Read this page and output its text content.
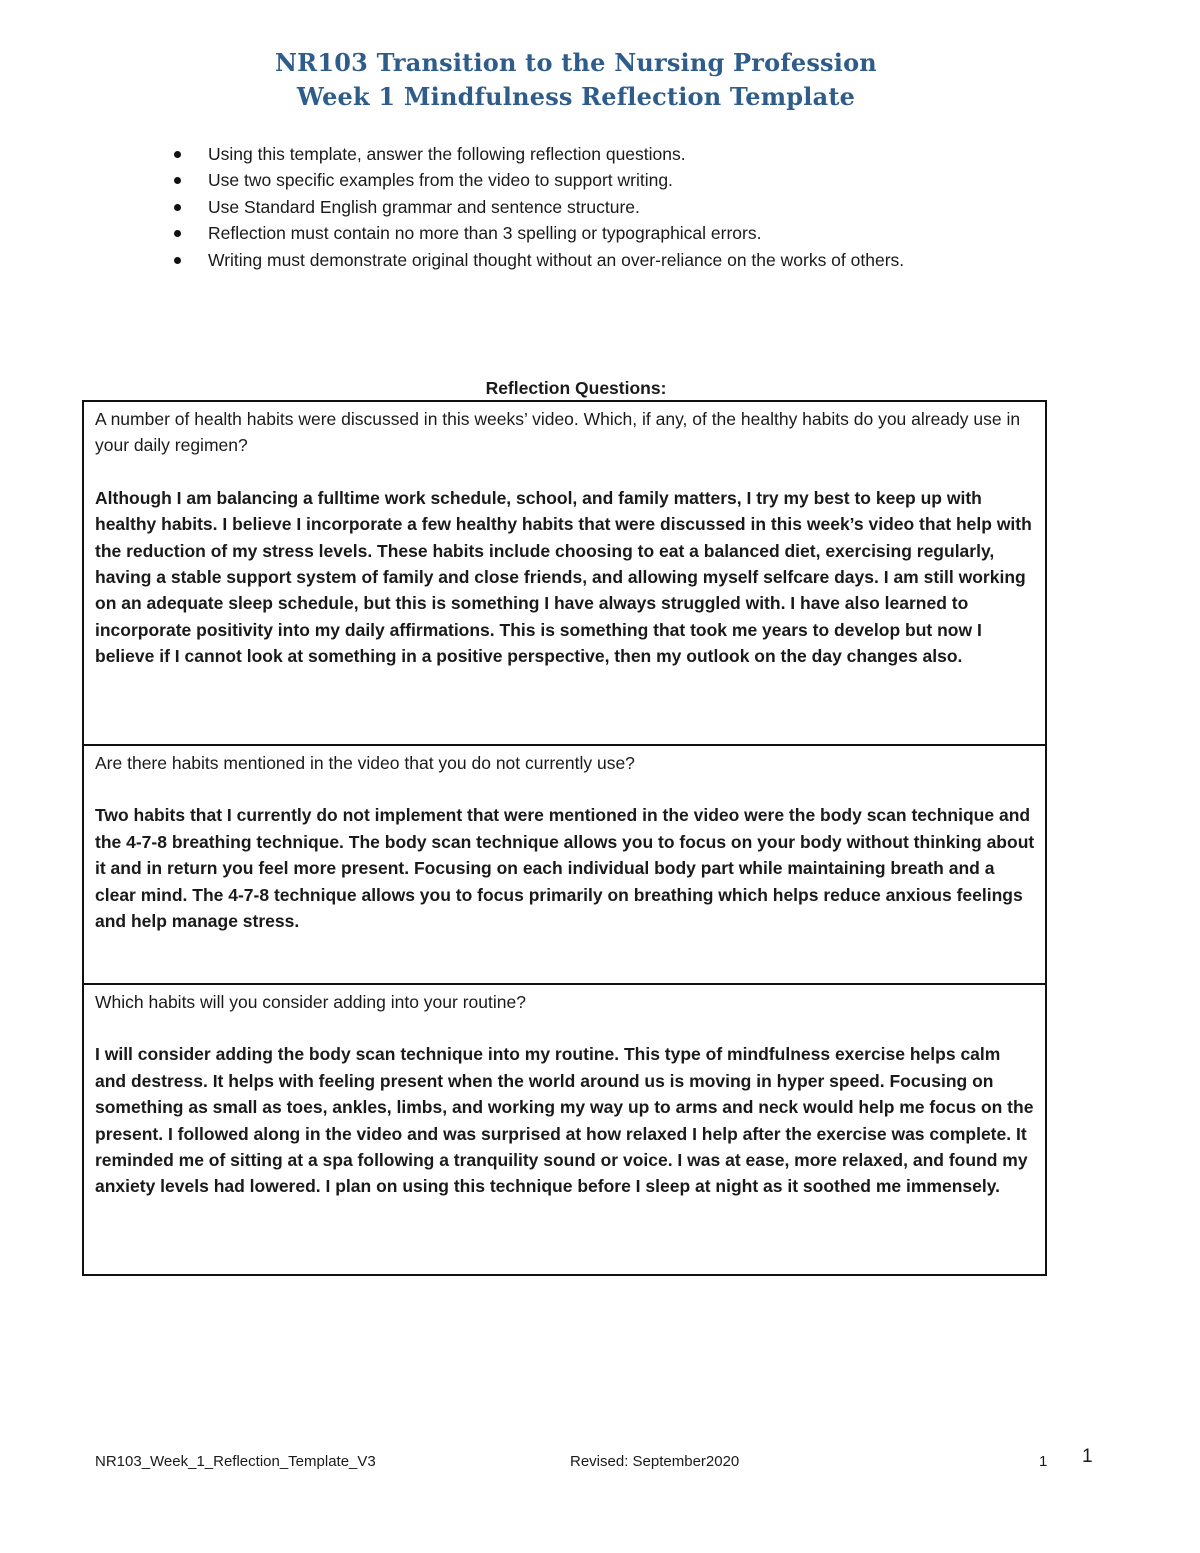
NR103 Transition to the Nursing Profession
Week 1 Mindfulness Reflection Template
Using this template, answer the following reflection questions.
Use two specific examples from the video to support writing.
Use Standard English grammar and sentence structure.
Reflection must contain no more than 3 spelling or typographical errors.
Writing must demonstrate original thought without an over-reliance on the works of others.
Reflection Questions:

A number of health habits were discussed in this weeks’ video. Which, if any, of the healthy habits do you already use in your daily regimen?

Although I am balancing a fulltime work schedule, school, and family matters, I try my best to keep up with healthy habits. I believe I incorporate a few healthy habits that were discussed in this week’s video that help with the reduction of my stress levels. These habits include choosing to eat a balanced diet, exercising regularly, having a stable support system of family and close friends, and allowing myself selfcare days. I am still working on an adequate sleep schedule, but this is something I have always struggled with. I have also learned to incorporate positivity into my daily affirmations. This is something that took me years to develop but now I believe if I cannot look at something in a positive perspective, then my outlook on the day changes also.

Are there habits mentioned in the video that you do not currently use?

Two habits that I currently do not implement that were mentioned in the video were the body scan technique and the 4-7-8 breathing technique. The body scan technique allows you to focus on your body without thinking about it and in return you feel more present. Focusing on each individual body part while maintaining breath and a clear mind. The 4-7-8 technique allows you to focus primarily on breathing which helps reduce anxious feelings and help manage stress.

Which habits will you consider adding into your routine?

I will consider adding the body scan technique into my routine. This type of mindfulness exercise helps calm and destress. It helps with feeling present when the world around us is moving in hyper speed. Focusing on something as small as toes, ankles, limbs, and working my way up to arms and neck would help me focus on the present. I followed along in the video and was surprised at how relaxed I help after the exercise was complete. It reminded me of sitting at a spa following a tranquility sound or voice. I was at ease, more relaxed, and found my anxiety levels had lowered. I plan on using this technique before I sleep at night as it soothed me immensely.

NR103_Week_1_Reflection_Template_V3	Revised: September2020	1 1
